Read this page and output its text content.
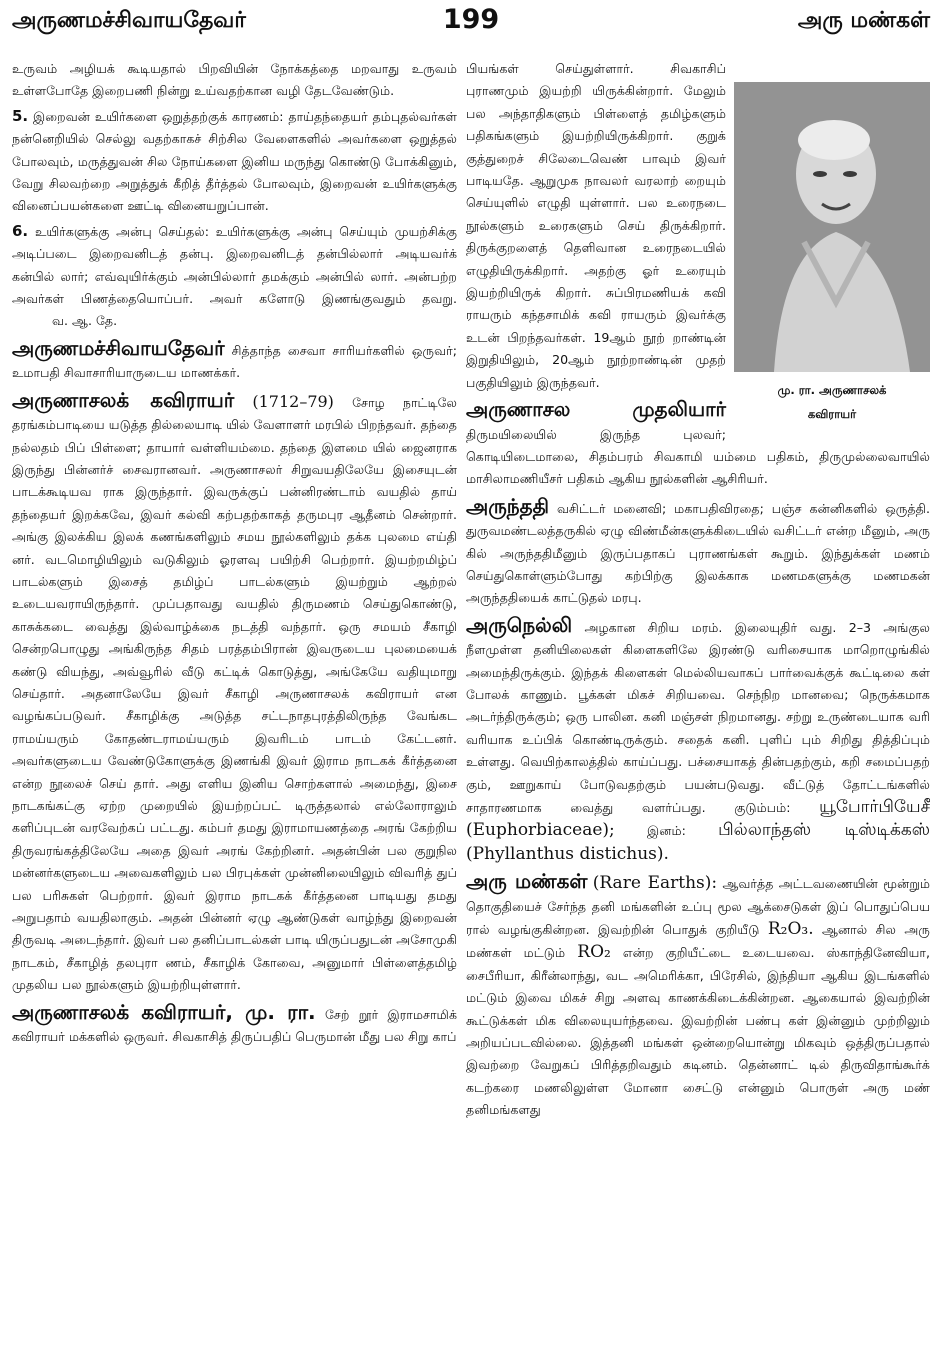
அருணமச்சிவாயதேவர்	199	அரு மண்கள்

உருவம் அழியக் கூடியதால் பிறவியின் நோக்கத்தை மறவாது உருவம் உள்ளபோதே இறைபணி நின்று உய்வதற்கான வழி தேடவேண்டும்.

5. இறைவன் உயிர்களை ஒறுத்தற்குக் காரணம்: தாய்தந்தையர் தம்புதல்வர்கள் நன்னெறியில் செல்லு வதற்காகச் சிற்சில வேளைகளில் அவர்களை ஒறுத்தல் போலவும், மருத்துவன் சில நோய்களை இனிய மருந்து கொண்டு போக்கினும், வேறு சிலவற்றை அறுத்துக் கீறித் தீர்த்தல் போலவும், இறைவன் உயிர்களுக்கு வினைப்பயன்களை ஊட்டி வினையறுப்பான்.

6. உயிர்களுக்கு அன்பு செய்தல்: உயிர்களுக்கு அன்பு செய்யும் முயற்சிக்கு அடிப்படை இறைவனிடத் தன்பு. இறைவனிடத் தன்பில்லார் அடியவர்க் கன்பில் லார்; எவ்வுயிர்க்கும் அன்பில்லார் தமக்கும் அன்பில் லார். அன்பற்ற அவர்கள் பிணத்தையொப்பர். அவர் களோடு இணங்குவதும் தவறு. வ. ஆ. தே.

அருணமச்சிவாயதேவர் சித்தாந்த சைவா சாரியர்களில் ஒருவர்; உமாபதி சிவாசாரியாருடைய மாணக்கர்.

அருணாசலக் கவிராயர் (1712–79) சோழ நாட்டிலே தரங்கம்பாடியை யடுத்த தில்லையாடி யில் வேளாளர் மரபில் பிறந்தவர். தந்தை நல்லதம் பிப் பிள்ளை; தாயார் வள்ளியம்மை. தந்தை இளமை யில் ஜைனராக இருந்து பின்னர்ச் சைவரானவர். அருணாசலர் சிறுவயதிலேயே இசையுடன் பாடக்கூடியவ ராக இருந்தார். இவருக்குப் பன்னிரண்டாம் வயதில் தாய் தந்தையர் இறக்கவே, இவர் கல்வி கற்பதற்காகத் தருமபுர ஆதீனம் சென்றார். அங்கு இலக்கிய இலக் கணங்களிலும் சமய நூல்களிலும் தக்க புலமை எய்தி னர். வடமொழியிலும் வடுகிலும் ஓரளவு பயிற்சி பெற்றார். இயற்றமிழ்ப் பாடல்களும் இசைத் தமிழ்ப் பாடல்களும் இயற்றும் ஆற்றல் உடையவராயிருந்தார். முப்பதாவது வயதில் திருமணம் செய்துகொண்டு, காசுக்கடை வைத்து இல்வாழ்க்கை நடத்தி வந்தார். ஒரு சமயம் சீகாழி சென்றபொழுது அங்கிருந்த சிதம் பரத்தம்பிரான் இவருடைய புலமையைக் கண்டு வியந்து, அவ்வூரில் வீடு கட்டிக் கொடுத்து, அங்கேயே வதியுமாறு செய்தார். அதனாலேயே இவர் சீகாழி அருணாசலக் கவிராயர் என வழங்கப்படுவர். சீகாழிக்கு அடுத்த சட்டநாதபுரத்திலிருந்த வேங்கட ராமய்யரும் கோதண்டராமய்யரும் இவரிடம் பாடம் கேட்டனர். அவர்களுடைய வேண்டுகோளுக்கு இணங்கி இவர் இராம நாடகக் கீர்த்தனை என்ற நூலைச் செய் தார். அது எளிய இனிய சொற்களால் அமைந்து, இசை நாடகங்கட்கு ஏற்ற முறையில் இயற்றப்பட் டிருத்தலால் எல்லோராலும் களிப்புடன் வரவேற்கப் பட்டது. கம்பர் தமது இராமாயணத்தை அரங் கேற்றிய திருவரங்கத்திலேயே அதை இவர் அரங் கேற்றினர். அதன்பின் பல குறுநில மன்னர்களுடைய அவைகளிலும் பல பிரபுக்கள் முன்னிலையிலும் விவரித் துப் பல பரிசுகள் பெற்றார். இவர் இராம நாடகக் கீர்த்தனை பாடியது தமது அறுபதாம் வயதிலாகும். அதன் பின்னர் ஏழு ஆண்டுகள் வாழ்ந்து இறைவன் திருவடி அடைந்தார். இவர் பல தனிப்பாடல்கள் பாடி யிருப்பதுடன் அசோமுகி நாடகம், சீகாழித் தலபுரா ணம், சீகாழிக் கோவை, அனுமார் பிள்ளைத்தமிழ் முதலிய பல நூல்களும் இயற்றியுள்ளார்.

அருணாசலக் கவிராயர், மு. ரா. சேற் றூர் இராமசாமிக் கவிராயர் மக்களில் ஒருவர். சிவகாசித் திருப்பதிப் பெருமான் மீது பல சிறு காப்

மு. ரா. அருணாசலக்
கவிராயர்

பியங்கள் செய்துள்ளார். சிவகாசிப் புராணமும் இயற்றி யிருக்கின்றார். மேலும் பல அந்தாதிகளும் பிள்ளைத் தமிழ்களும் பதிகங்களும் இயற்றியிருக்கிறார். குறுக் குத்துறைச் சிலேடைவெண் பாவும் இவர் பாடியதே. ஆறுமுக நாவலர் வரலாற் றையும் செய்யுளில் எழுதி யுள்ளார். பல உரைநடை நூல்களும் உரைகளும் செய் திருக்கிறார். திருக்குறளைத் தெளிவான உரைநடையில் எழுதியிருக்கிறார். அதற்கு ஓர் உரையும் இயற்றியிருக் கிறார். சுப்பிரமணியக் கவி ராயரும் கந்தசாமிக் கவி ராயரும் இவர்க்கு உடன் பிறந்தவர்கள். 19ஆம் நூற் றாண்டின் இறுதியிலும், 20ஆம் நூற்றாண்டின் முதற் பகுதியிலும் இருந்தவர்.

அருணாசல முதலியார் திருமயிலையில் இருந்த புலவர்; கொடியிடைமாலை, சிதம்பரம் சிவகாமி யம்மை பதிகம், திருமுல்லைவாயில் மாசிலாமணியீசர் பதிகம் ஆகிய நூல்களின் ஆசிரியர்.

அருந்ததி வசிட்டர் மனைவி; மகாபதிவிரதை; பஞ்ச கன்னிகளில் ஒருத்தி. துருவமண்டலத்தருகில் ஏழு விண்மீன்களுக்கிடையில் வசிட்டர் என்ற மீனும், அரு கில் அருந்ததிமீனும் இருப்பதாகப் புராணங்கள் கூறும். இந்துக்கள் மணம் செய்துகொள்ளும்போது கற்பிற்கு இலக்காக மணமகளுக்கு மணமகன் அருந்ததியைக் காட்டுதல் மரபு.

அருநெல்லி அழகான சிறிய மரம். இலையுதிர் வது. 2–3 அங்குல நீளமுள்ள தனியிலைகள் கிளைகளிலே இரண்டு வரிசையாக மாறொழுங்கில் அமைந்திருக்கும். இந்தக் கிளைகள் மெல்லியவாகப் பார்வைக்குக் கூட்டிலை கள் போலக் காணும். பூக்கள் மிகச் சிறியவை. செந்நிற மானவை; நெருக்கமாக அடர்ந்திருக்கும்; ஒரு பாலின. கனி மஞ்சள் நிறமானது. சற்று உருண்டையாக வரி வரியாக உப்பிக் கொண்டிருக்கும். சதைக் கனி. புளிப் பும் சிறிது தித்திப்பும் உள்ளது. வெயிற்காலத்தில் காய்ப்பது. பச்சையாகத் தின்பதற்கும், கறி சமைப்பதற் கும், ஊறுகாய் போடுவதற்கும் பயன்படுவது. வீட்டுத் தோட்டங்களில் சாதாரணமாக வைத்து வளர்ப்பது. குடும்பம்: யூபோர்பியேசீ (Euphorbiaceae);	இனம்: பில்லாந்தஸ் டிஸ்டிக்கஸ் (Phyllanthus distichus).

அரு மண்கள் (Rare Earths): ஆவர்த்த அட்டவணையின் மூன்றும் தொகுதியைச் சேர்ந்த தனி மங்களின் உப்பு மூல ஆக்சைடுகள் இப் பொதுப்பெய ரால் வழங்குகின்றன. இவற்றின் பொதுக் குறியீடு R₂O₃. ஆனால் சில அரு மண்கள் மட்டும் RO₂ என்ற குறியீட்டை உடையவை. ஸ்காந்தினேவியா, சைபீரியா, கிரீன்லாந்து, வட அமெரிக்கா, பிரேசில், இந்தியா ஆகிய இடங்களில் மட்டும் இவை மிகச் சிறு அளவு காணக்கிடைக்கின்றன. ஆகையால் இவற்றின் கூட்டுக்கள் மிக விலையுயர்ந்தவை. இவற்றின் பண்பு கள் இன்னும் முற்றிலும் அறியப்படவில்லை. இத்தனி மங்கள் ஒன்றையொன்று மிகவும் ஒத்திருப்பதால் இவற்றை வேறுகப் பிரித்தறிவதும் கடினம். தென்னாட் டில் திருவிதாங்கூர்க் கடற்கரை மணலிலுள்ள மோனா சைட்டு என்னும் பொருள் அரு மண் தனிமங்களது
